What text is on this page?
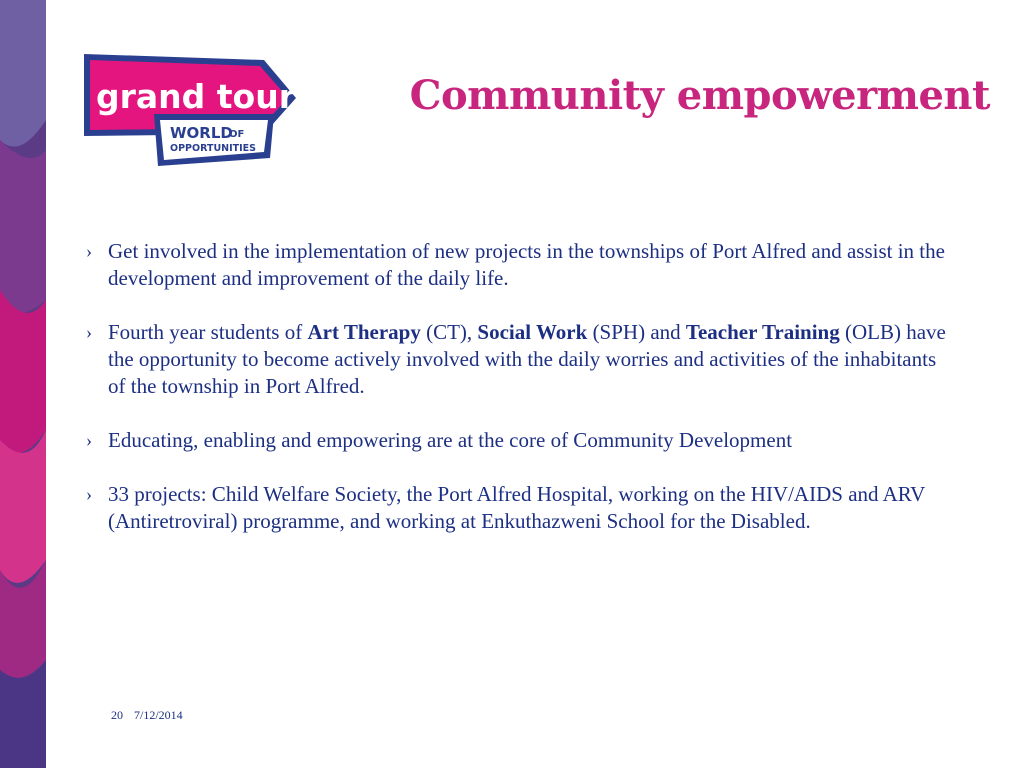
grand tour
WORLD
OF
OPPORTUNITIES
Community empowerment
› Get involved in the implementation of new projects in the townships of Port Alfred and assist in the development and improvement of the daily life.
› Fourth year students of Art Therapy (CT), Social Work (SPH) and Teacher Training (OLB) have the opportunity to become actively involved with the daily worries and activities of the inhabitants of the township in Port Alfred.
› Educating, enabling and empowering are at the core of Community Development
› 33 projects: Child Welfare Society, the Port Alfred Hospital, working on the HIV/AIDS and ARV (Antiretroviral) programme, and working at Enkuthazweni School for the Disabled.
20 7/12/2014
